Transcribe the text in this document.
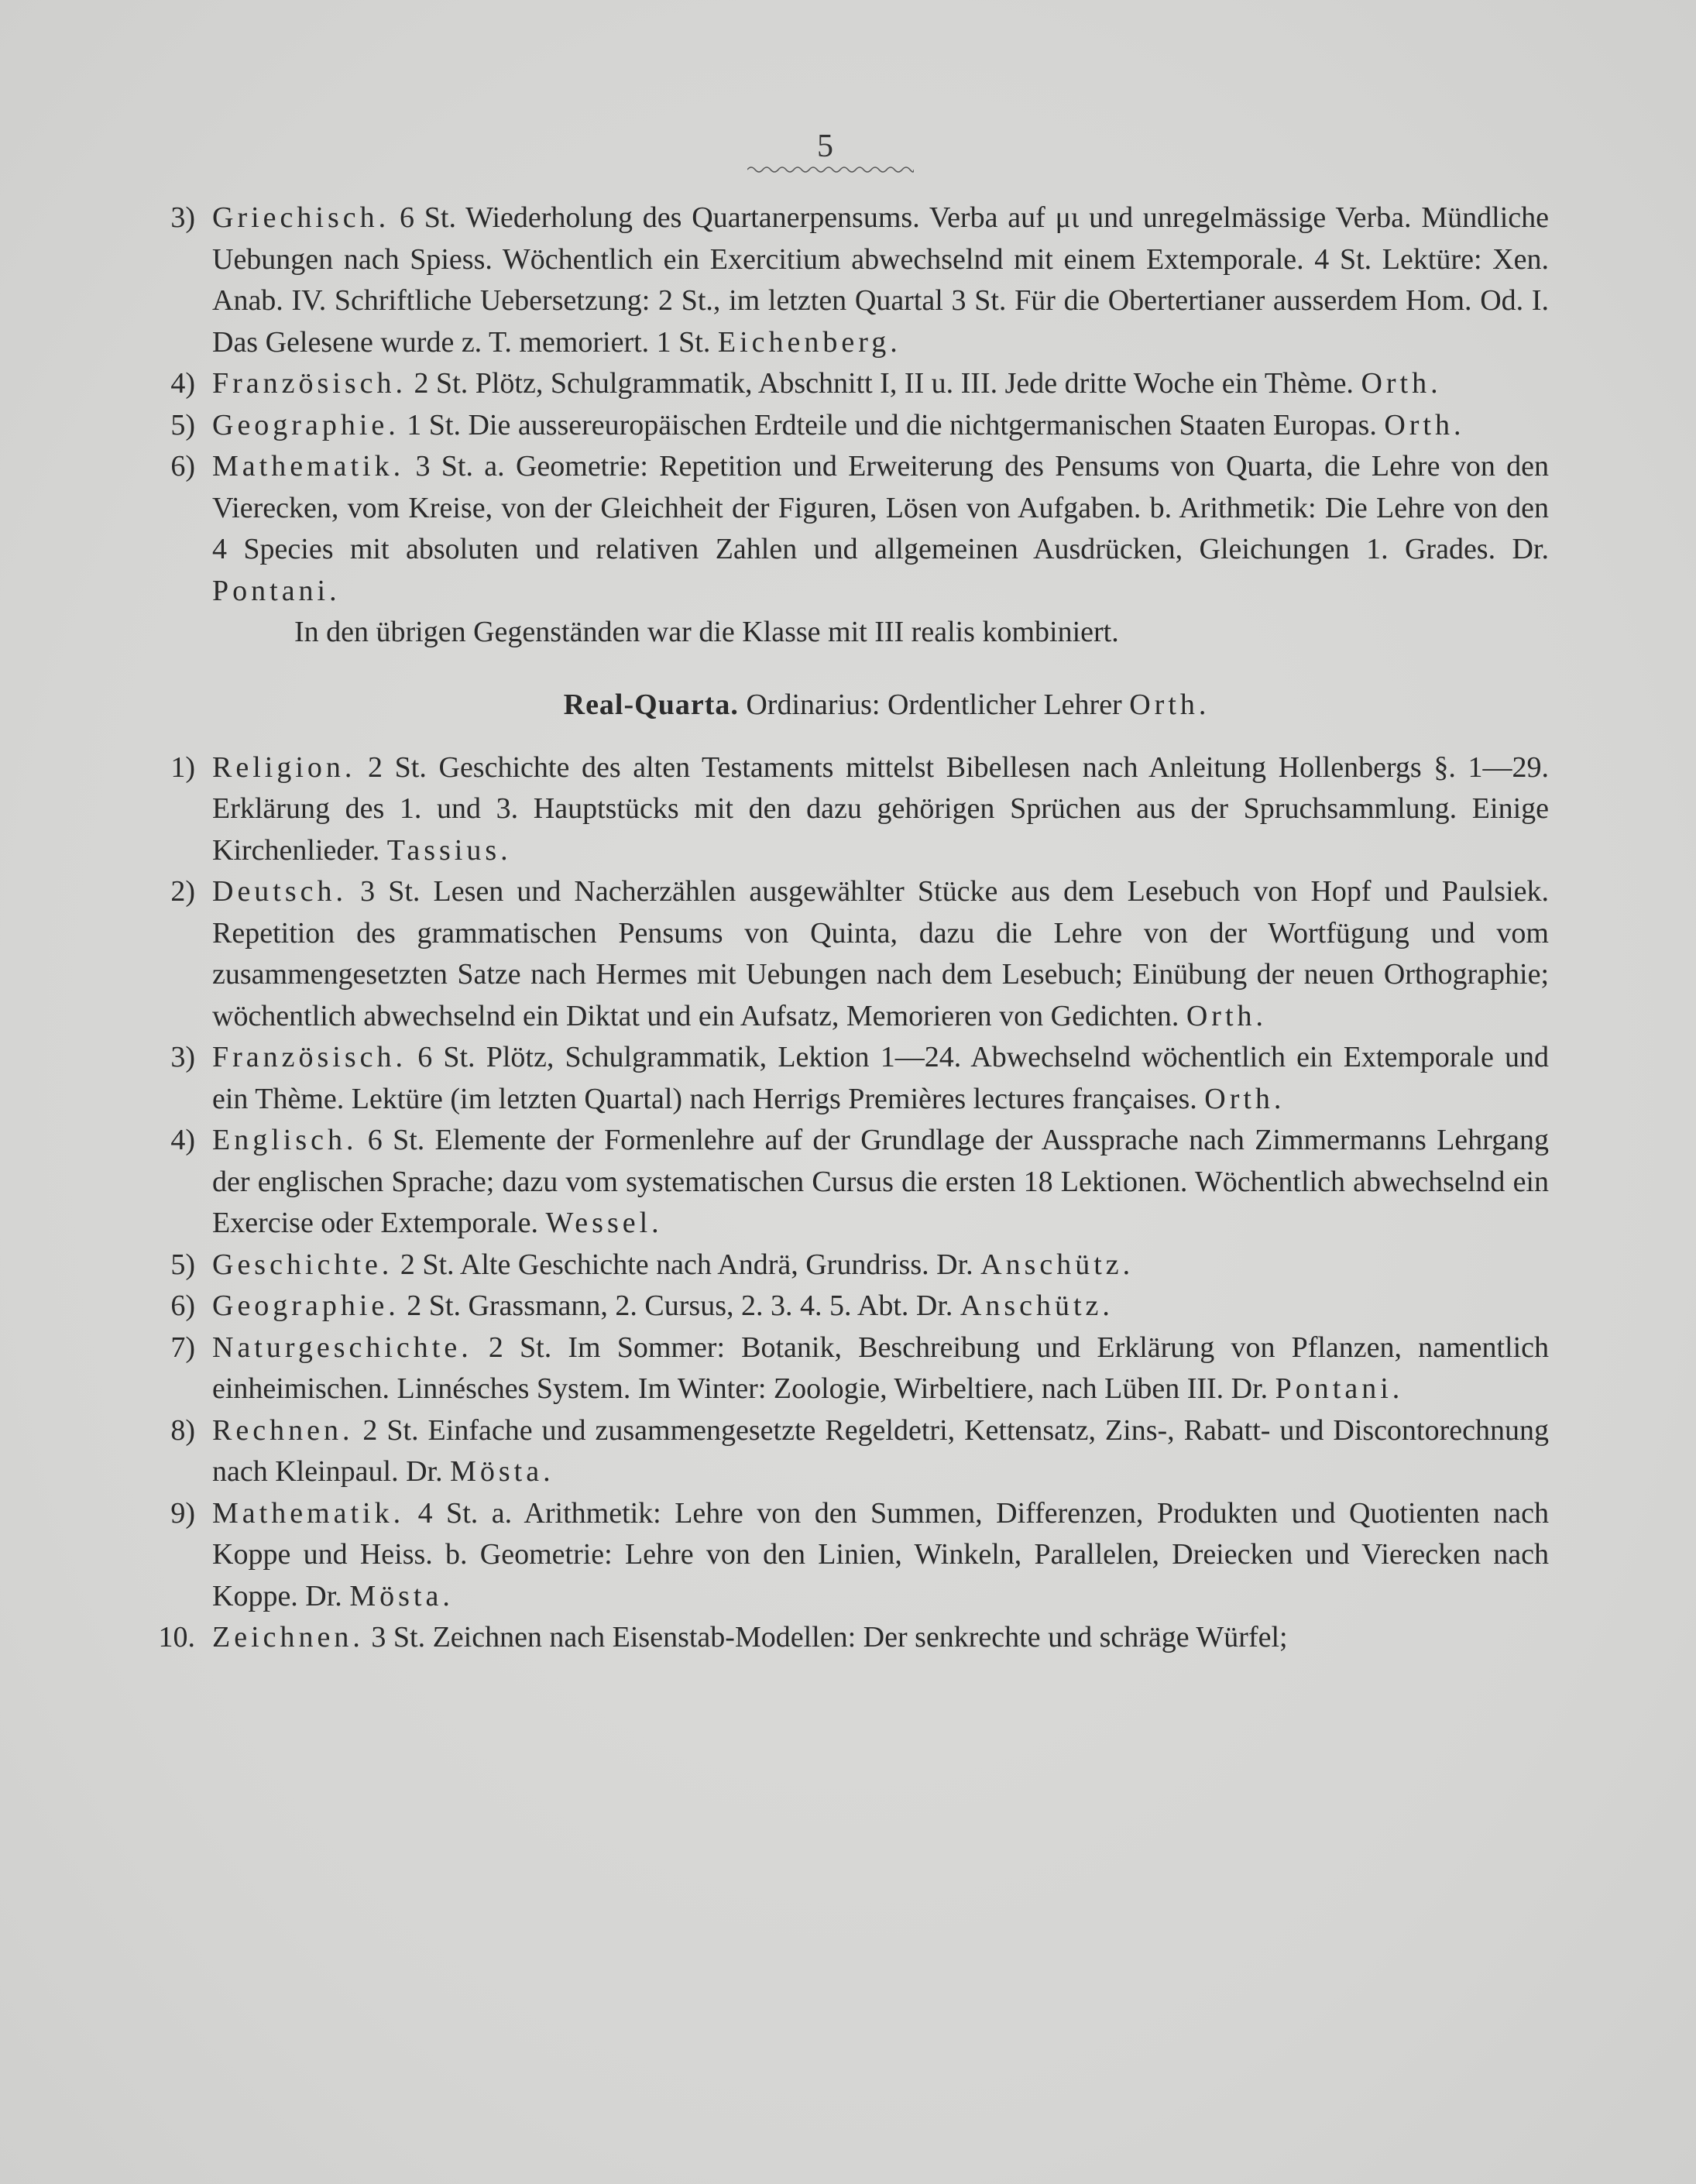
5
3) Griechisch. 6 St. Wiederholung des Quartanerpensums. Verba auf μι und unregelmässige Verba. Mündliche Uebungen nach Spiess. Wöchentlich ein Exercitium abwechselnd mit einem Extemporale. 4 St. Lektüre: Xen. Anab. IV. Schriftliche Uebersetzung: 2 St., im letzten Quartal 3 St. Für die Obertertianer ausserdem Hom. Od. I. Das Gelesene wurde z. T. memoriert. 1 St. Eichenberg.
4) Französisch. 2 St. Plötz, Schulgrammatik, Abschnitt I, II u. III. Jede dritte Woche ein Thème. Orth.
5) Geographie. 1 St. Die aussereuropäischen Erdteile und die nichtgermanischen Staaten Europas. Orth.
6) Mathematik. 3 St. a. Geometrie: Repetition und Erweiterung des Pensums von Quarta, die Lehre von den Vierecken, vom Kreise, von der Gleichheit der Figuren, Lösen von Aufgaben. b. Arithmetik: Die Lehre von den 4 Species mit absoluten und relativen Zahlen und allgemeinen Ausdrücken, Gleichungen 1. Grades. Dr. Pontani.
In den übrigen Gegenständen war die Klasse mit III realis kombiniert.
Real-Quarta. Ordinarius: Ordentlicher Lehrer Orth.
1) Religion. 2 St. Geschichte des alten Testaments mittelst Bibellesen nach Anleitung Hollenbergs §. 1—29. Erklärung des 1. und 3. Hauptstücks mit den dazu gehörigen Sprüchen aus der Spruchsammlung. Einige Kirchenlieder. Tassius.
2) Deutsch. 3 St. Lesen und Nacherzählen ausgewählter Stücke aus dem Lesebuch von Hopf und Paulsiek. Repetition des grammatischen Pensums von Quinta, dazu die Lehre von der Wortfügung und vom zusammengesetzten Satze nach Hermes mit Uebungen nach dem Lesebuch; Einübung der neuen Orthographie; wöchentlich abwechselnd ein Diktat und ein Aufsatz, Memorieren von Gedichten. Orth.
3) Französisch. 6 St. Plötz, Schulgrammatik, Lektion 1—24. Abwechselnd wöchentlich ein Extemporale und ein Thème. Lektüre (im letzten Quartal) nach Herrigs Premières lectures françaises. Orth.
4) Englisch. 6 St. Elemente der Formenlehre auf der Grundlage der Aussprache nach Zimmermanns Lehrgang der englischen Sprache; dazu vom systematischen Cursus die ersten 18 Lektionen. Wöchentlich abwechselnd ein Exercise oder Extemporale. Wessel.
5) Geschichte. 2 St. Alte Geschichte nach Andrä, Grundriss. Dr. Anschütz.
6) Geographie. 2 St. Grassmann, 2. Cursus, 2. 3. 4. 5. Abt. Dr. Anschütz.
7) Naturgeschichte. 2 St. Im Sommer: Botanik, Beschreibung und Erklärung von Pflanzen, namentlich einheimischen. Linnésches System. Im Winter: Zoologie, Wirbeltiere, nach Lüben III. Dr. Pontani.
8) Rechnen. 2 St. Einfache und zusammengesetzte Regeldetri, Kettensatz, Zins-, Rabatt- und Discontorechnung nach Kleinpaul. Dr. Mösta.
9) Mathematik. 4 St. a. Arithmetik: Lehre von den Summen, Differenzen, Produkten und Quotienten nach Koppe und Heiss. b. Geometrie: Lehre von den Linien, Winkeln, Parallelen, Dreiecken und Vierecken nach Koppe. Dr. Mösta.
10. Zeichnen. 3 St. Zeichnen nach Eisenstab-Modellen: Der senkrechte und schräge Würfel;
